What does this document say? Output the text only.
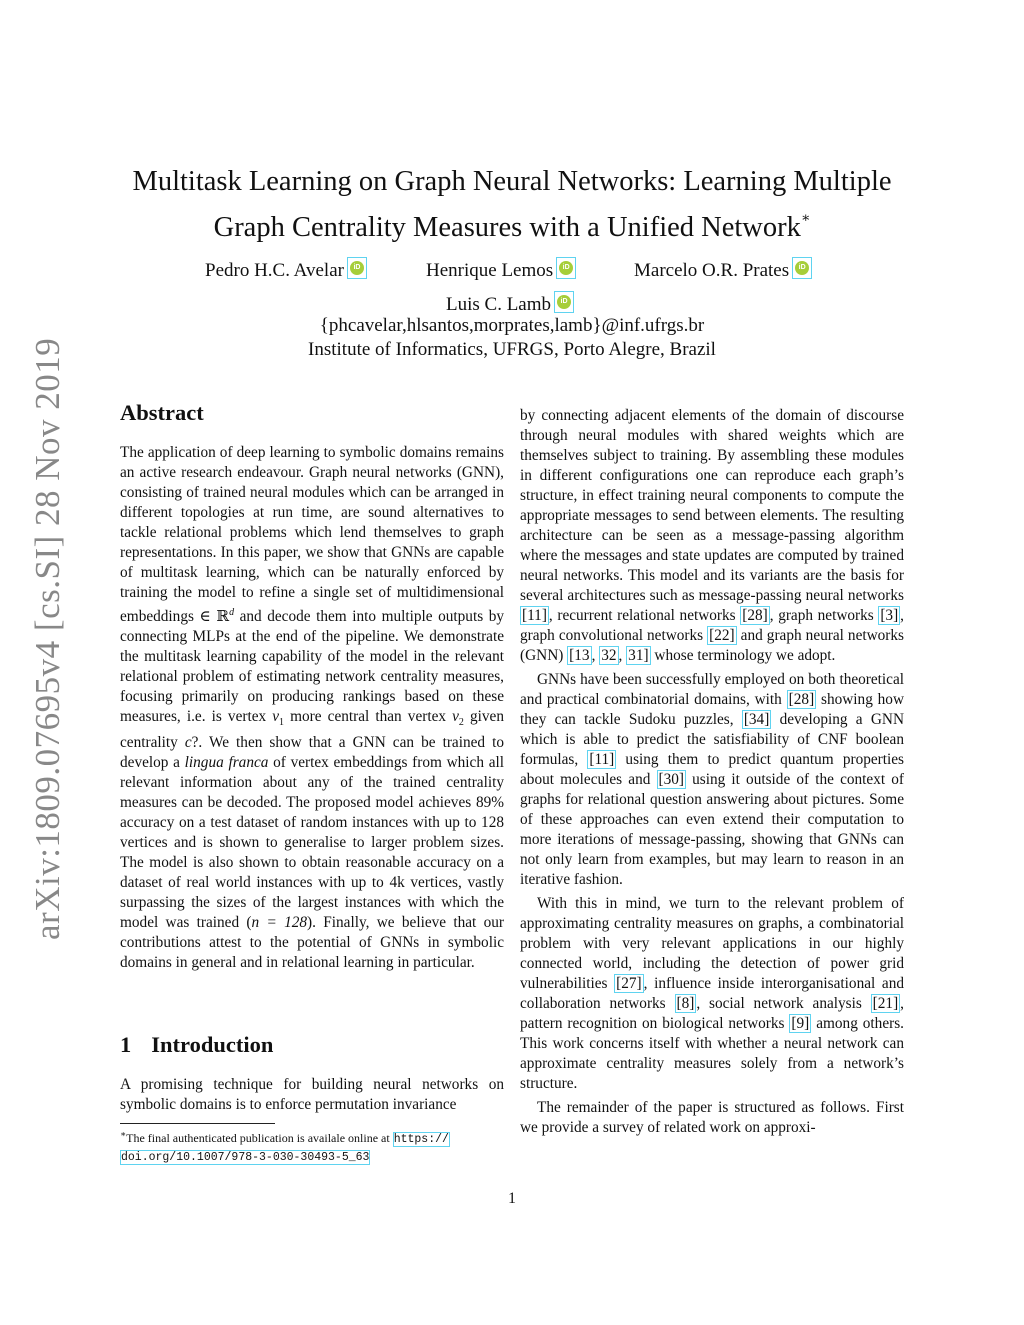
arXiv:1809.07695v4 [cs.SI] 28 Nov 2019
Multitask Learning on Graph Neural Networks: Learning Multiple
Graph Centrality Measures with a Unified Network∗
Pedro H.C. Avelar	iD	Henrique Lemos	iD	Marcelo O.R. Prates	iD
Luis C. Lamb	iD
{phcavelar,hlsantos,morprates,lamb}@inf.ufrgs.br
Institute of Informatics, UFRGS, Porto Alegre, Brazil
Abstract

The application of deep learning to symbolic domains remains an active research endeavour. Graph neural networks (GNN), consisting of trained neural modules which can be arranged in different topologies at run time, are sound alternatives to tackle relational problems which lend themselves to graph representations. In this paper, we show that GNNs are capable of multitask learning, which can be naturally enforced by training the model to refine a single set of multidimensional embeddings ∈ ℝ$^d$ and decode them into multiple outputs by connecting MLPs at the end of the pipeline. We demonstrate the multitask learning capability of the model in the relevant relational problem of estimating network centrality measures, focusing primarily on producing rankings based on these measures, i.e. is vertex $v_1$ more central than vertex $v_2$ given centrality c?. We then show that a GNN can be trained to develop a lingua franca of vertex embeddings from which all relevant information about any of the trained centrality measures can be decoded. The proposed model achieves 89% accuracy on a test dataset of random instances with up to 128 vertices and is shown to generalise to larger problem sizes. The model is also shown to obtain reasonable accuracy on a dataset of real world instances with up to 4k vertices, vastly surpassing the sizes of the largest instances with which the model was trained (n = 128). Finally, we believe that our contributions attest to the potential of GNNs in symbolic domains in general and in relational learning in particular.

1 Introduction

A promising technique for building neural networks on symbolic domains is to enforce permutation invariance

∗The final authenticated publication is availale online at https://
doi.org/10.1007/978-3-030-30493-5_63

by connecting adjacent elements of the domain of discourse through neural modules with shared weights which are themselves subject to training. By assembling these modules in different configurations one can reproduce each graph’s structure, in effect training neural components to compute the appropriate messages to send between elements. The resulting architecture can be seen as a message-passing algorithm where the messages and state updates are computed by trained neural networks. This model and its variants are the basis for several architectures such as message-passing neural networks [11] , recurrent relational networks [28] , graph networks [3] , graph convolutional networks [22] and graph neural networks (GNN) [13 , 32 , 31] whose terminology we adopt.

GNNs have been successfully employed on both theoretical and practical combinatorial domains, with [28] showing how they can tackle Sudoku puzzles, [34] developing a GNN which is able to predict the satisfiability of CNF boolean formulas, [11] using them to predict quantum properties about molecules and [30] using it outside of the context of graphs for relational question answering about pictures. Some of these approaches can even extend their computation to more iterations of message-passing, showing that GNNs can not only learn from examples, but may learn to reason in an iterative fashion.

With this in mind, we turn to the relevant problem of approximating centrality measures on graphs, a combinatorial problem with very relevant applications in our highly connected world, including the detection of power grid vulnerabilities [27] , influence inside interorganisational and collaboration networks [8] , social network analysis [21] , pattern recognition on biological networks [9] among others. This work concerns itself with whether a neural network can approximate centrality measures solely from a network’s structure.

The remainder of the paper is structured as follows. First we provide a survey of related work on approxi-

1
